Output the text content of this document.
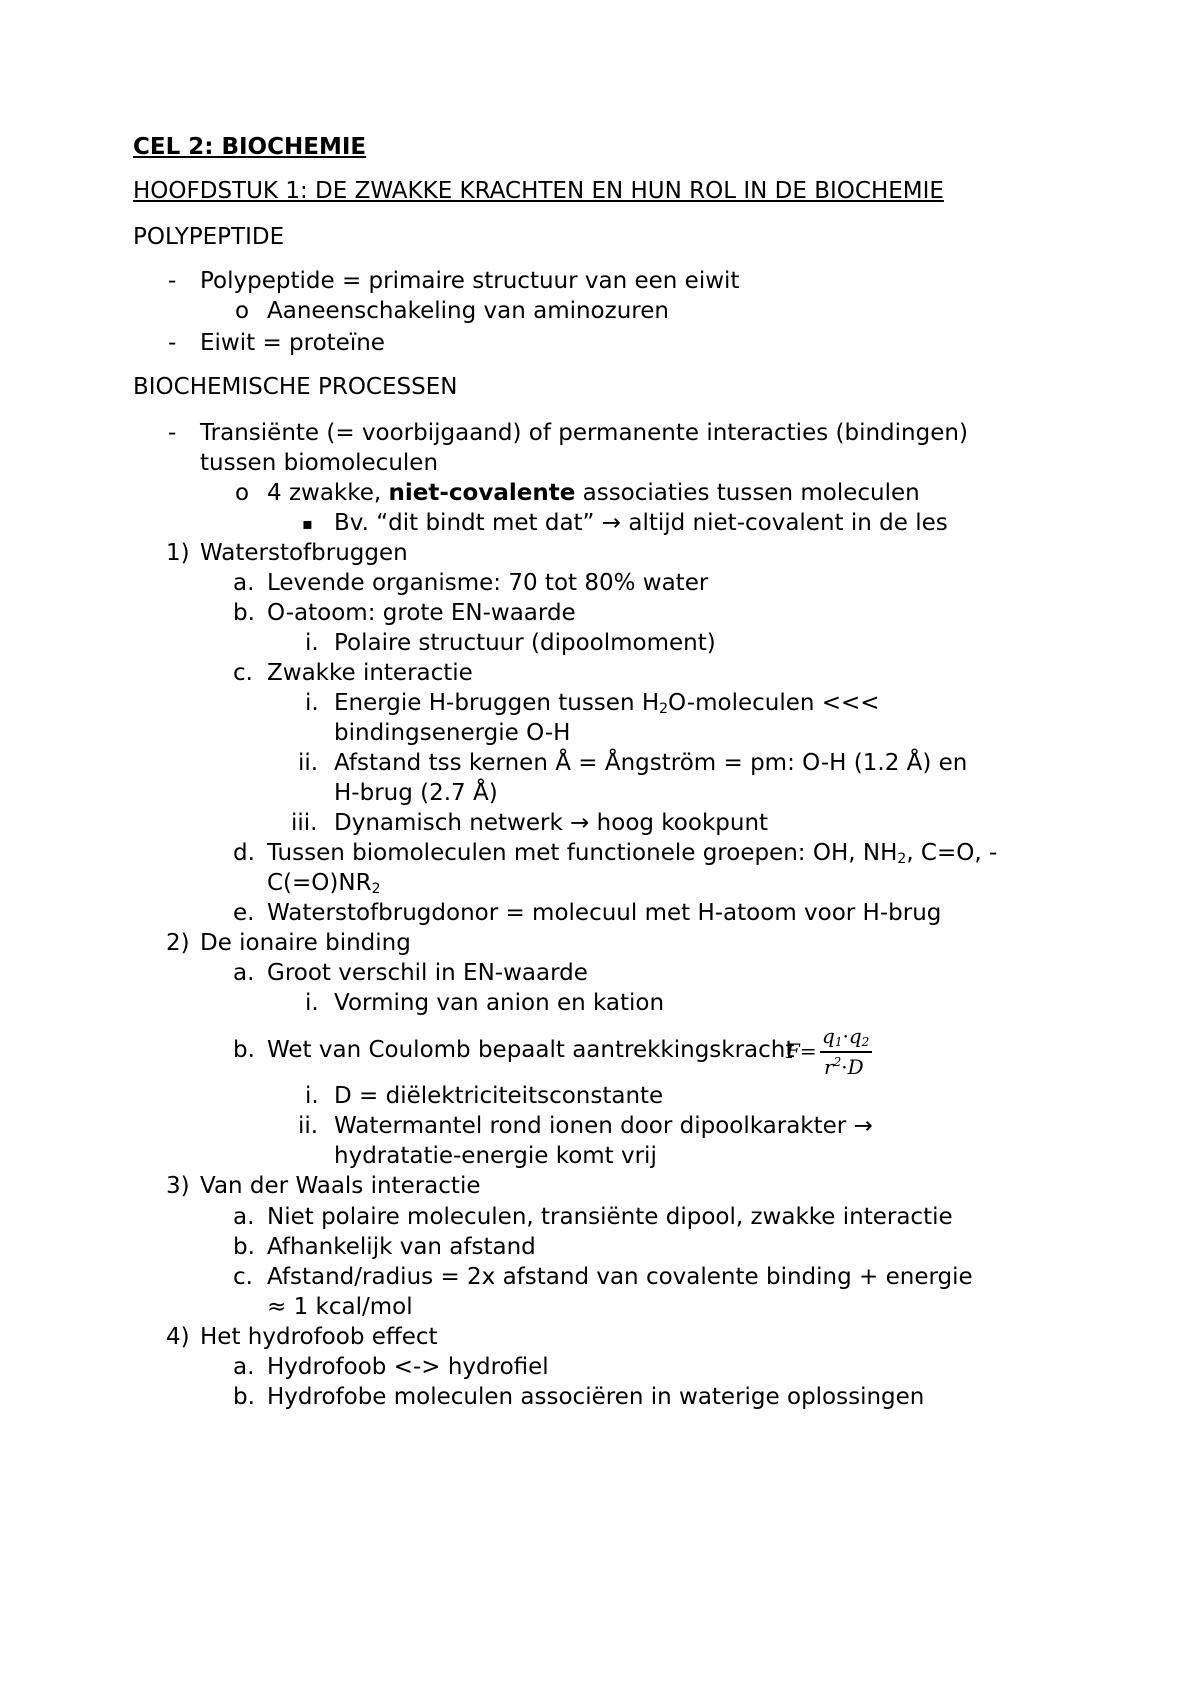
CEL 2: BIOCHEMIE
HOOFDSTUK 1: DE ZWAKKE KRACHTEN EN HUN ROL IN DE BIOCHEMIE
POLYPEPTIDE
- Polypeptide = primaire structuur van een eiwit
o Aaneenschakeling van aminozuren
- Eiwit = proteïne
BIOCHEMISCHE PROCESSEN
- Transiënte (= voorbijgaand) of permanente interacties (bindingen)
tussen biomoleculen
o 4 zwakke, niet-covalente associaties tussen moleculen
▪ Bv. “dit bindt met dat” → altijd niet-covalent in de les
1) Waterstofbruggen
a. Levende organisme: 70 tot 80% water
b. O-atoom: grote EN-waarde
i. Polaire structuur (dipoolmoment)
c. Zwakke interactie
i. Energie H-bruggen tussen $H_2O$-moleculen <<<
bindingsenergie O-H
ii. Afstand tss kernen Å = Ångström = pm: O-H (1.2 Å) en
H-brug (2.7 Å)
iii. Dynamisch netwerk → hoog kookpunt
d. Tussen biomoleculen met functionele groepen: OH, $NH_2$, C=O, -
$C(=O)NR_2$
e. Waterstofbrugdonor = molecuul met H-atoom voor H-brug
2) De ionaire binding
a. Groot verschil in EN-waarde
i. Vorming van anion en kation
b. Wet van Coulomb bepaalt aantrekkingskracht
F=
$q_1\cdot q_2$
$r^2\cdot D$
i. D = diëlektriciteitsconstante
ii. Watermantel rond ionen door dipoolkarakter →
hydratatie-energie komt vrij
3) Van der Waals interactie
a. Niet polaire moleculen, transiënte dipool, zwakke interactie
b. Afhankelijk van afstand
c. Afstand/radius = 2x afstand van covalente binding + energie
≈ 1 kcal/mol
4) Het hydrofoob effect
a. Hydrofoob <-> hydrofiel
b. Hydrofobe moleculen associëren in waterige oplossingen
